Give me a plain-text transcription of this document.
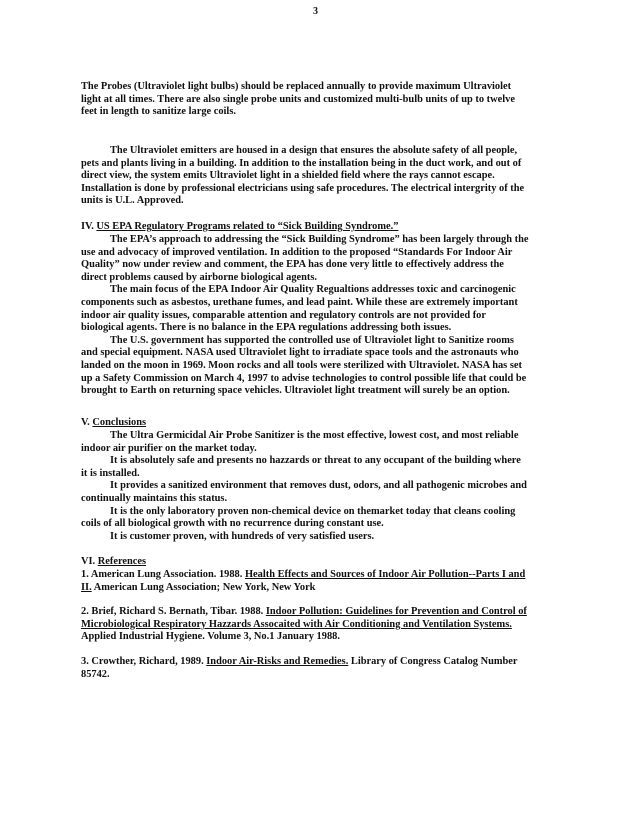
3

The Probes (Ultraviolet light bulbs) should be replaced annually to provide maximum Ultraviolet light at all times. There are also single probe units and customized multi-bulb units of up to twelve feet in length to sanitize large coils.

The Ultraviolet emitters are housed in a design that ensures the absolute safety of all people, pets and plants living in a building. In addition to the installation being in the duct work, and out of direct view, the system emits Ultraviolet light in a shielded field where the rays cannot escape. Installation is done by professional electricians using safe procedures. The electrical intergrity of the units is U.L. Approved.

IV. US EPA Regulatory Programs related to “Sick Building Syndrome.”

The EPA’s approach to addressing the “Sick Building Syndrome” has been largely through the use and advocacy of improved ventilation. In addition to the proposed “Standards For Indoor Air Quality” now under review and comment, the EPA has done very little to effectively address the direct problems caused by airborne biological agents.

The main focus of the EPA Indoor Air Quality Regualtions addresses toxic and carcinogenic components such as asbestos, urethane fumes, and lead paint. While these are extremely important indoor air quality issues, comparable attention and regulatory controls are not provided for biological agents. There is no balance in the EPA regulations addressing both issues.

The U.S. government has supported the controlled use of Ultraviolet light to Sanitize rooms and special equipment. NASA used Ultraviolet light to irradiate space tools and the astronauts who landed on the moon in 1969. Moon rocks and all tools were sterilized with Ultraviolet. NASA has set up a Safety Commission on March 4, 1997 to advise technologies to control possible life that could be brought to Earth on returning space vehicles. Ultraviolet light treatment will surely be an option.

V. Conclusions

The Ultra Germicidal Air Probe Sanitizer is the most effective, lowest cost, and most reliable indoor air purifier on the market today.

It is absolutely safe and presents no hazzards or threat to any occupant of the building where it is installed.

It provides a sanitized environment that removes dust, odors, and all pathogenic microbes and continually maintains this status.

It is the only laboratory proven non-chemical device on themarket today that cleans cooling coils of all biological growth with no recurrence during constant use.

It is customer proven, with hundreds of very satisfied users.

VI. References

1. American Lung Association. 1988. Health Effects and Sources of Indoor Air Pollution--Parts I and II. American Lung Association; New York, New York

2. Brief, Richard S. Bernath, Tibar. 1988. Indoor Pollution: Guidelines for Prevention and Control of Microbiological Respiratory Hazzards Assocaited with Air Conditioning and Ventilation Systems. Applied Industrial Hygiene. Volume 3, No.1 January 1988.

3. Crowther, Richard, 1989. Indoor Air-Risks and Remedies. Library of Congress Catalog Number 85742.
